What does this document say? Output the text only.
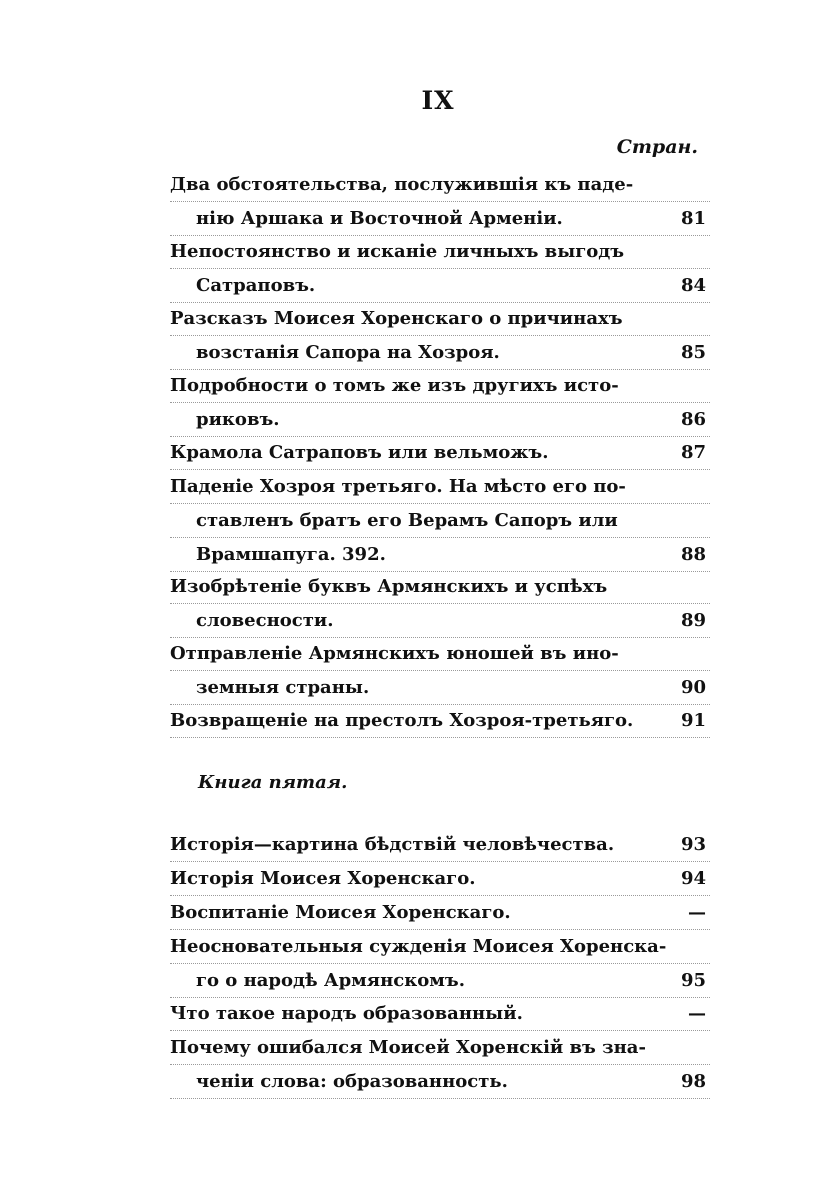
IX
Стран.
Два обстоятельства, послужившія къ паде-
нію Аршака и Восточной Арменіи.	81
Непостоянство и исканіе личныхъ выгодъ
Сатраповъ.	84
Разсказъ Моисея Хоренскаго о причинахъ
возстанія Сапора на Хозроя.	85
Подробности о томъ же изъ другихъ исто-
риковъ.	86
Крамола Сатраповъ или вельможъ.	87
Паденіе Хозроя третьяго. На мѣсто его по-
ставленъ братъ его Верамъ Сапоръ или
Врамшапуга. 392.	88
Изобрѣтеніе буквъ Армянскихъ и успѣхъ
словесности.	89
Отправленіе Армянскихъ юношей въ ино-
земныя страны.	90
Возвращеніе на престолъ Хозроя-третьяго.	91
Книга пятая.
Исторія—картина бѣдствій человѣчества.	93
Исторія Моисея Хоренскаго.	94
Воспитаніе Моисея Хоренскаго.	—
Неосновательныя сужденія Моисея Хоренска-
го о народѣ Армянскомъ.	95
Что такое народъ образованный.	—
Почему ошибался Моисей Хоренскій въ зна-
ченіи слова: образованность.	98
